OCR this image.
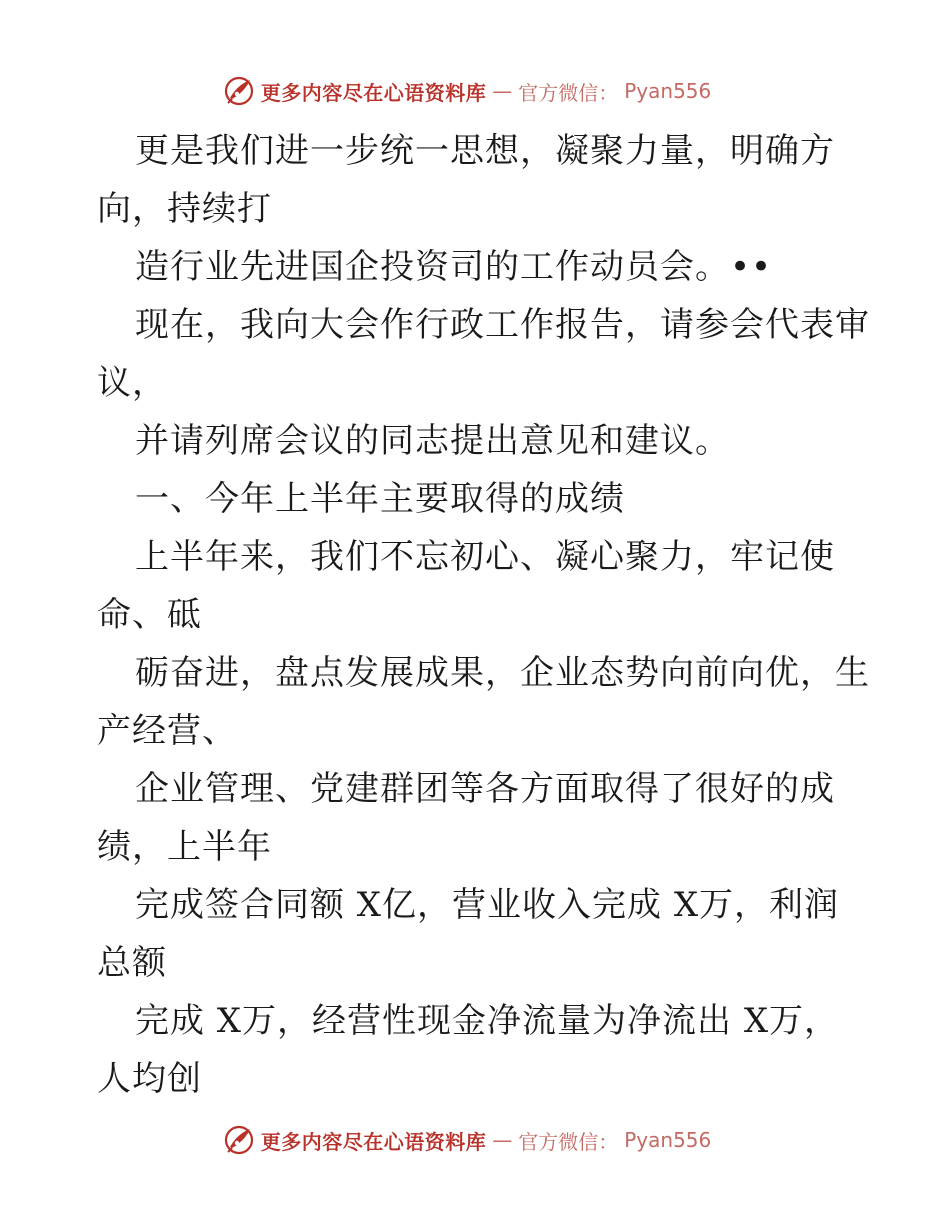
更多内容尽在心语资料库 — 官方微信： Pyan556
更是我们进一步统一思想，凝聚力量，明确方
向，持续打
造行业先进国企投资司的工作动员会。••
现在，我向大会作行政工作报告，请参会代表审
议，
并请列席会议的同志提出意见和建议。
一、今年上半年主要取得的成绩
上半年来，我们不忘初心、凝心聚力，牢记使
命、砥
砺奋进，盘点发展成果，企业态势向前向优，生
产经营、
企业管理、党建群团等各方面取得了很好的成
绩，上半年
完成签合同额 X亿，营业收入完成 X万，利润
总额
完成 X万，经营性现金净流量为净流出 X万，
人均创
更多内容尽在心语资料库 — 官方微信： Pyan556
